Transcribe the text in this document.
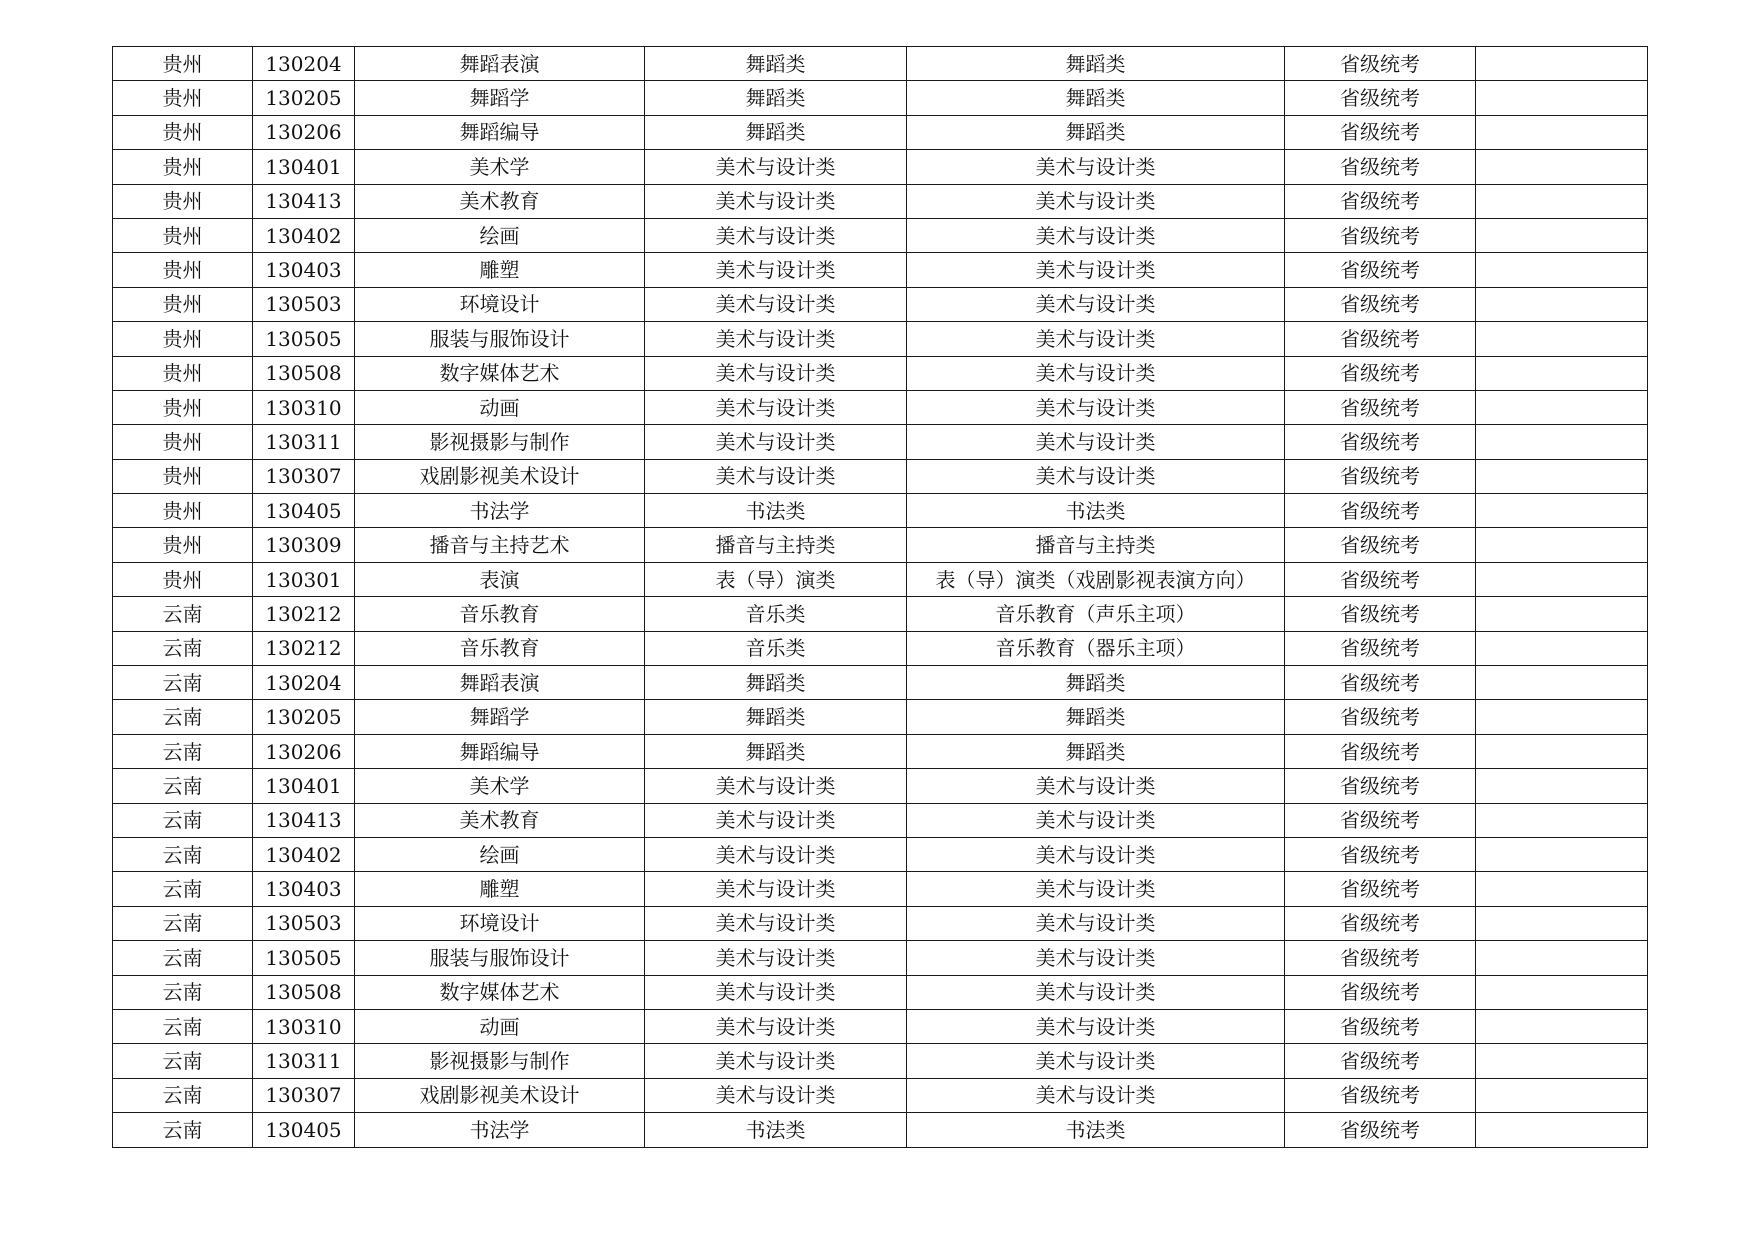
贵州	130204	舞蹈表演	舞蹈类	舞蹈类	省级统考	
贵州	130205	舞蹈学	舞蹈类	舞蹈类	省级统考	
贵州	130206	舞蹈编导	舞蹈类	舞蹈类	省级统考	
贵州	130401	美术学	美术与设计类	美术与设计类	省级统考	
贵州	130413	美术教育	美术与设计类	美术与设计类	省级统考	
贵州	130402	绘画	美术与设计类	美术与设计类	省级统考	
贵州	130403	雕塑	美术与设计类	美术与设计类	省级统考	
贵州	130503	环境设计	美术与设计类	美术与设计类	省级统考	
贵州	130505	服装与服饰设计	美术与设计类	美术与设计类	省级统考	
贵州	130508	数字媒体艺术	美术与设计类	美术与设计类	省级统考	
贵州	130310	动画	美术与设计类	美术与设计类	省级统考	
贵州	130311	影视摄影与制作	美术与设计类	美术与设计类	省级统考	
贵州	130307	戏剧影视美术设计	美术与设计类	美术与设计类	省级统考	
贵州	130405	书法学	书法类	书法类	省级统考	
贵州	130309	播音与主持艺术	播音与主持类	播音与主持类	省级统考	
贵州	130301	表演	表（导）演类	表（导）演类（戏剧影视表演方向）	省级统考	
云南	130212	音乐教育	音乐类	音乐教育（声乐主项）	省级统考	
云南	130212	音乐教育	音乐类	音乐教育（器乐主项）	省级统考	
云南	130204	舞蹈表演	舞蹈类	舞蹈类	省级统考	
云南	130205	舞蹈学	舞蹈类	舞蹈类	省级统考	
云南	130206	舞蹈编导	舞蹈类	舞蹈类	省级统考	
云南	130401	美术学	美术与设计类	美术与设计类	省级统考	
云南	130413	美术教育	美术与设计类	美术与设计类	省级统考	
云南	130402	绘画	美术与设计类	美术与设计类	省级统考	
云南	130403	雕塑	美术与设计类	美术与设计类	省级统考	
云南	130503	环境设计	美术与设计类	美术与设计类	省级统考	
云南	130505	服装与服饰设计	美术与设计类	美术与设计类	省级统考	
云南	130508	数字媒体艺术	美术与设计类	美术与设计类	省级统考	
云南	130310	动画	美术与设计类	美术与设计类	省级统考	
云南	130311	影视摄影与制作	美术与设计类	美术与设计类	省级统考	
云南	130307	戏剧影视美术设计	美术与设计类	美术与设计类	省级统考	
云南	130405	书法学	书法类	书法类	省级统考	
